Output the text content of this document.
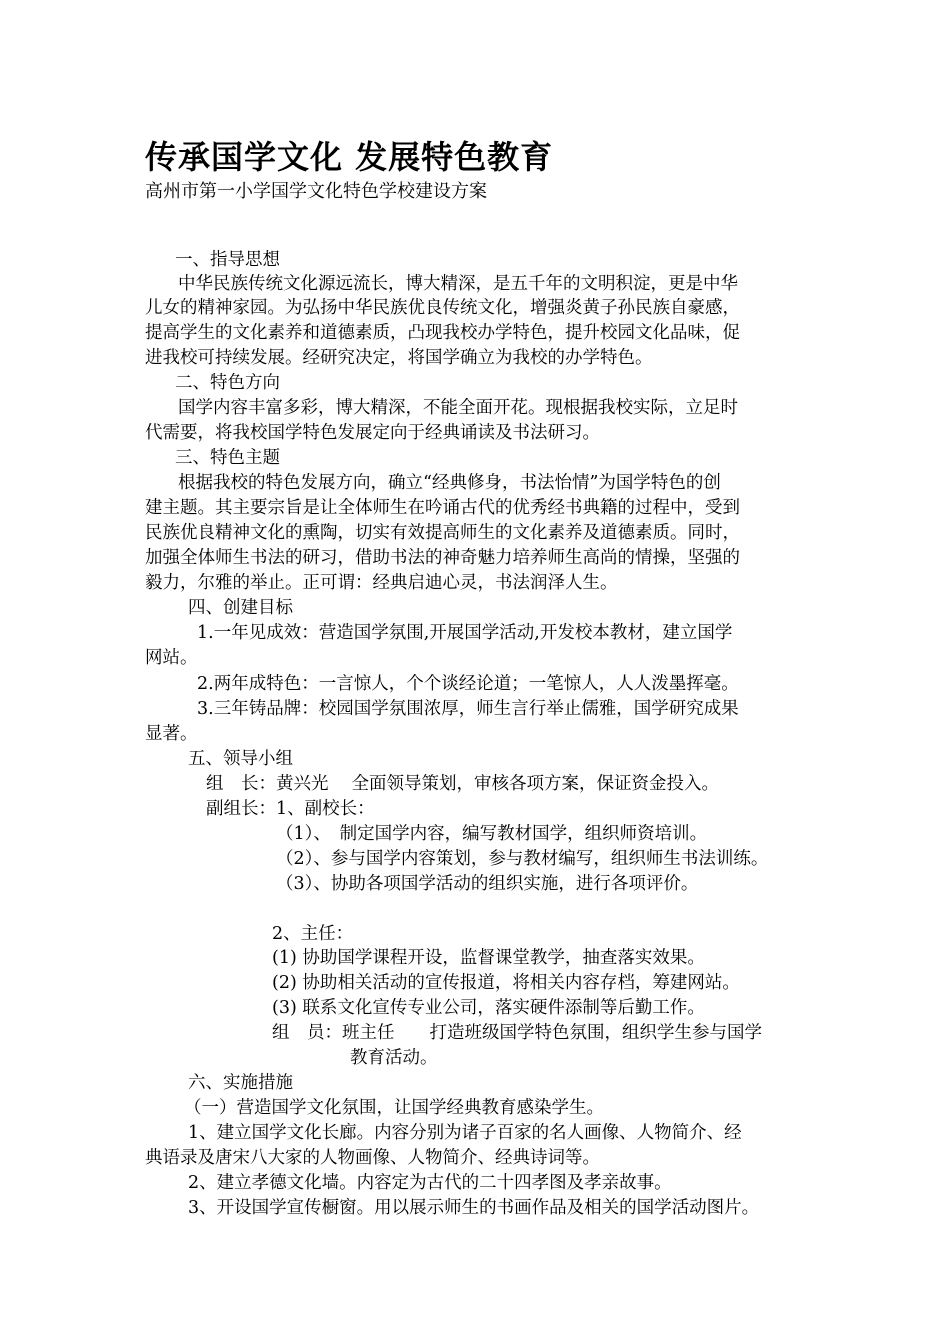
传承国学文化 发展特色教育
高州市第一小学国学文化特色学校建设方案
一、指导思想
中华民族传统文化源远流长，博大精深，是五千年的文明积淀，更是中华
儿女的精神家园。为弘扬中华民族优良传统文化，增强炎黄子孙民族自豪感，
提高学生的文化素养和道德素质，凸现我校办学特色，提升校园文化品味，促
进我校可持续发展。经研究决定，将国学确立为我校的办学特色。
二、特色方向
国学内容丰富多彩，博大精深，不能全面开花。现根据我校实际，立足时
代需要，将我校国学特色发展定向于经典诵读及书法研习。
三、特色主题
根据我校的特色发展方向，确立“经典修身，书法怡情”为国学特色的创
建主题。其主要宗旨是让全体师生在吟诵古代的优秀经书典籍的过程中，受到
民族优良精神文化的熏陶，切实有效提高师生的文化素养及道德素质。同时，
加强全体师生书法的研习，借助书法的神奇魅力培养师生高尚的情操，坚强的
毅力，尔雅的举止。正可谓：经典启迪心灵，书法润泽人生。
四、创建目标
1.一年见成效：营造国学氛围,开展国学活动,开发校本教材，建立国学
网站。
2.两年成特色：一言惊人，个个谈经论道；一笔惊人，人人泼墨挥毫。
3.三年铸品牌：校园国学氛围浓厚，师生言行举止儒雅，国学研究成果
显著。
五、领导小组
组　长：黄兴光　 全面领导策划，审核各项方案，保证资金投入。
副组长：1、副校长：
（1）、　制定国学内容，编写教材国学，组织师资培训。
（2）、参与国学内容策划，参与教材编写，组织师生书法训练。
（3）、协助各项国学活动的组织实施，进行各项评价。
2、主任：
(1) 协助国学课程开设，监督课堂教学，抽查落实效果。
(2) 协助相关活动的宣传报道，将相关内容存档，筹建网站。
(3) 联系文化宣传专业公司，落实硬件添制等后勤工作。
组　员：班主任　　打造班级国学特色氛围，组织学生参与国学
教育活动。
六、实施措施
（一）营造国学文化氛围，让国学经典教育感染学生。
1、建立国学文化长廊。内容分别为诸子百家的名人画像、人物简介、经
典语录及唐宋八大家的人物画像、人物简介、经典诗词等。
2、建立孝德文化墙。内容定为古代的二十四孝图及孝亲故事。
3、开设国学宣传橱窗。用以展示师生的书画作品及相关的国学活动图片。
